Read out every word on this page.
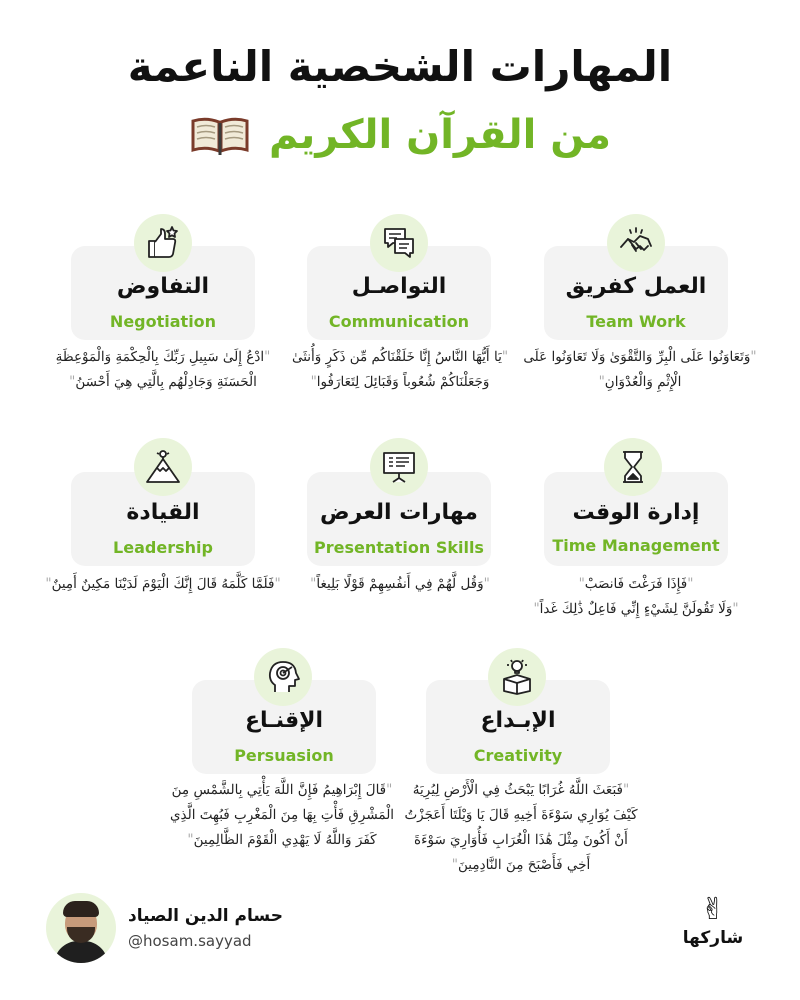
المهارات الشخصية الناعمة
من القرآن الكريم
العمل كفريق
Team Work
"وَتَعَاوَنُوا عَلَى الْبِرِّ وَالتَّقْوَىٰ وَلَا تَعَاوَنُوا عَلَى الْإِثْمِ وَالْعُدْوَانِ"
التواصـل
Communication
"يَا أَيُّهَا النَّاسُ إِنَّا خَلَقْنَاكُم مِّن ذَكَرٍ وَأُنثَىٰ وَجَعَلْنَاكُمْ شُعُوباً وَقَبَائِلَ لِتَعَارَفُوا"
التفاوض
Negotiation
"ادْعُ إِلَىٰ سَبِيلِ رَبِّكَ بِالْحِكْمَةِ وَالْمَوْعِظَةِ الْحَسَنَةِ وَجَادِلْهُم بِالَّتِي هِيَ أَحْسَنُ"
إدارة الوقت
Time Management
"فَإِذَا فَرَغْتَ فَانصَبْ"
"وَلَا تَقُولَنَّ لِشَيْءٍ إِنِّي فَاعِلٌ ذَٰلِكَ غَداً"
مهارات العرض
Presentation Skills
"وَقُل لَّهُمْ فِي أَنفُسِهِمْ قَوْلًا بَلِيغاً"
القيادة
Leadership
"فَلَمَّا كَلَّمَهُ قَالَ إِنَّكَ الْيَوْمَ لَدَيْنَا مَكِينٌ أَمِينٌ"
الإبـداع
Creativity
"فَبَعَثَ اللَّهُ غُرَابًا يَبْحَثُ فِي الْأَرْضِ لِيُرِيَهُ كَيْفَ يُوَارِي سَوْءَةَ أَخِيهِ قَالَ يَا وَيْلَتَا أَعَجَزْتُ أَنْ أَكُونَ مِثْلَ هَٰذَا الْغُرَابِ فَأُوَارِيَ سَوْءَةَ أَخِي فَأَصْبَحَ مِنَ النَّادِمِينَ"
الإقنـاع
Persuasion
"قَالَ إِبْرَاهِيمُ فَإِنَّ اللَّهَ يَأْتِي بِالشَّمْسِ مِنَ الْمَشْرِقِ فَأْتِ بِهَا مِنَ الْمَغْرِبِ فَبُهِتَ الَّذِي كَفَرَ وَاللَّهُ لَا يَهْدِي الْقَوْمَ الظَّالِمِينَ"
حسام الدين الصياد
@hosam.sayyad
✌
شاركها
